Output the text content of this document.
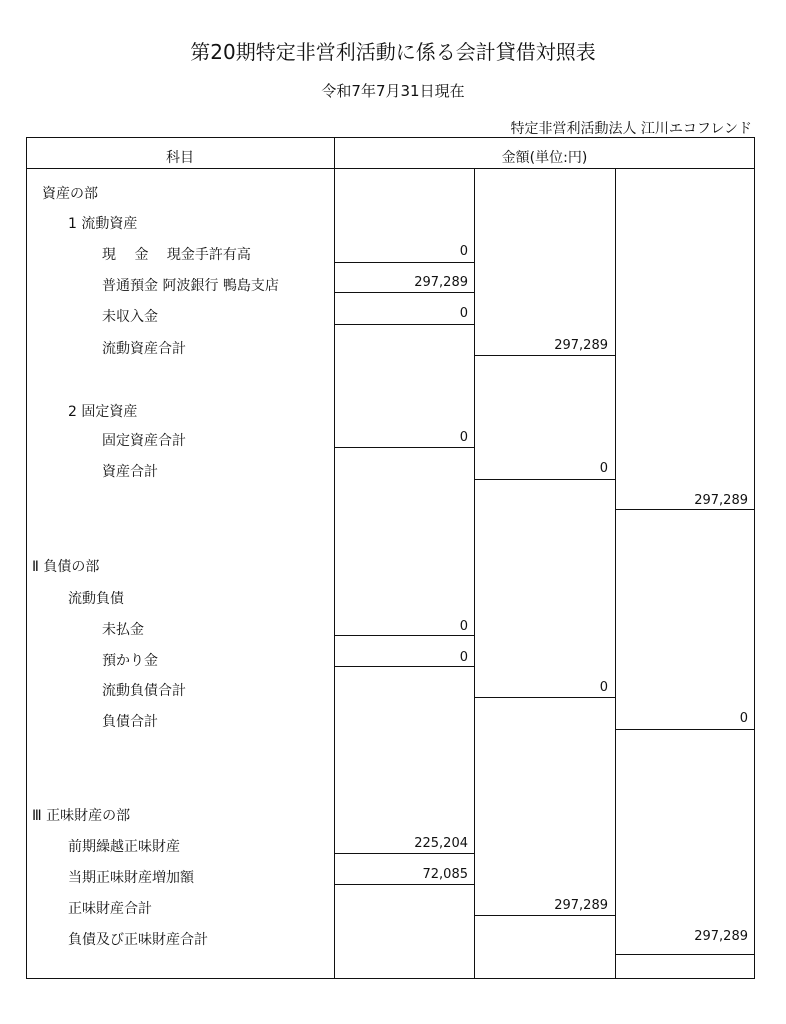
第20期特定非営利活動に係る会計貸借対照表
令和7年7月31日現在
特定非営利活動法人 江川エコフレンド
科目	金額(単位:円)
資産の部
1 流動資産
現　 金　 現金手許有高
普通預金 阿波銀行 鴨島支店
未収入金
流動資産合計
2 固定資産
固定資産合計
資産合計
Ⅱ 負債の部
流動負債
未払金
預かり金
流動負債合計
負債合計
Ⅲ 正味財産の部
前期繰越正味財産
当期正味財産増加額
正味財産合計
負債及び正味財産合計
0
297,289
0
0
0
0
225,204
72,085
297,289
0
0
297,289
297,289
0
297,289
